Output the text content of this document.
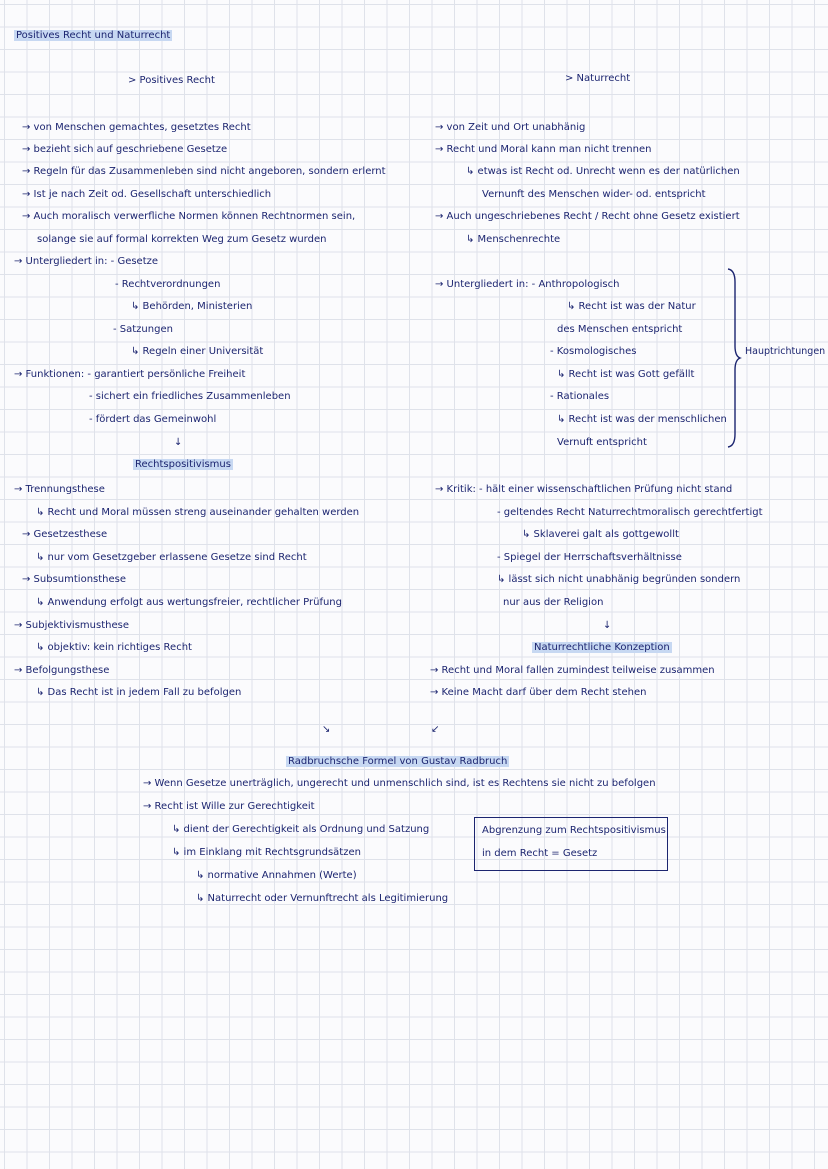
Positives Recht und Naturrecht
> Positives Recht	> Naturrecht
→ von Menschen gemachtes, gesetztes Recht
→ bezieht sich auf geschriebene Gesetze
→ Regeln für das Zusammenleben sind nicht angeboren, sondern erlernt
→ Ist je nach Zeit od. Gesellschaft unterschiedlich
→ Auch moralisch verwerfliche Normen können Rechtnormen sein,
solange sie auf formal korrekten Weg zum Gesetz wurden
→ Untergliedert in: - Gesetze
- Rechtverordnungen
↳ Behörden, Ministerien
- Satzungen
↳ Regeln einer Universität
→ Funktionen: - garantiert persönliche Freiheit
- sichert ein friedliches Zusammenleben
- fördert das Gemeinwohl
↓
Rechtspositivismus
→ Trennungsthese
↳ Recht und Moral müssen streng auseinander gehalten werden
→ Gesetzesthese
↳ nur vom Gesetzgeber erlassene Gesetze sind Recht
→ Subsumtionsthese
↳ Anwendung erfolgt aus wertungsfreier, rechtlicher Prüfung
→ Subjektivismusthese
↳ objektiv: kein richtiges Recht
→ Befolgungsthese
↳ Das Recht ist in jedem Fall zu befolgen
→ von Zeit und Ort unabhänig
→ Recht und Moral kann man nicht trennen
↳ etwas ist Recht od. Unrecht wenn es der natürlichen
Vernunft des Menschen wider- od. entspricht
→ Auch ungeschriebenes Recht / Recht ohne Gesetz existiert
↳ Menschenrechte
→ Untergliedert in: - Anthropologisch
↳ Recht ist was der Natur
des Menschen entspricht
- Kosmologisches
↳ Recht ist was Gott gefällt
- Rationales
↳ Recht ist was der menschlichen
Vernuft entspricht
Hauptrichtungen
→ Kritik: - hält einer wissenschaftlichen Prüfung nicht stand
- geltendes Recht Naturrechtmoralisch gerechtfertigt
↳ Sklaverei galt als gottgewollt
- Spiegel der Herrschaftsverhältnisse
↳ lässt sich nicht unabhänig begründen sondern
nur aus der Religion
↓
Naturrechtliche Konzeption
→ Recht und Moral fallen zumindest teilweise zusammen
→ Keine Macht darf über dem Recht stehen
↘	↙
Radbruchsche Formel von Gustav Radbruch
→ Wenn Gesetze unerträglich, ungerecht und unmenschlich sind, ist es Rechtens sie nicht zu befolgen
→ Recht ist Wille zur Gerechtigkeit
↳ dient der Gerechtigkeit als Ordnung und Satzung
↳ im Einklang mit Rechtsgrundsätzen
↳ normative Annahmen (Werte)
↳ Naturrecht oder Vernunftrecht als Legitimierung
Abgrenzung zum Rechtspositivismus
in dem Recht = Gesetz
